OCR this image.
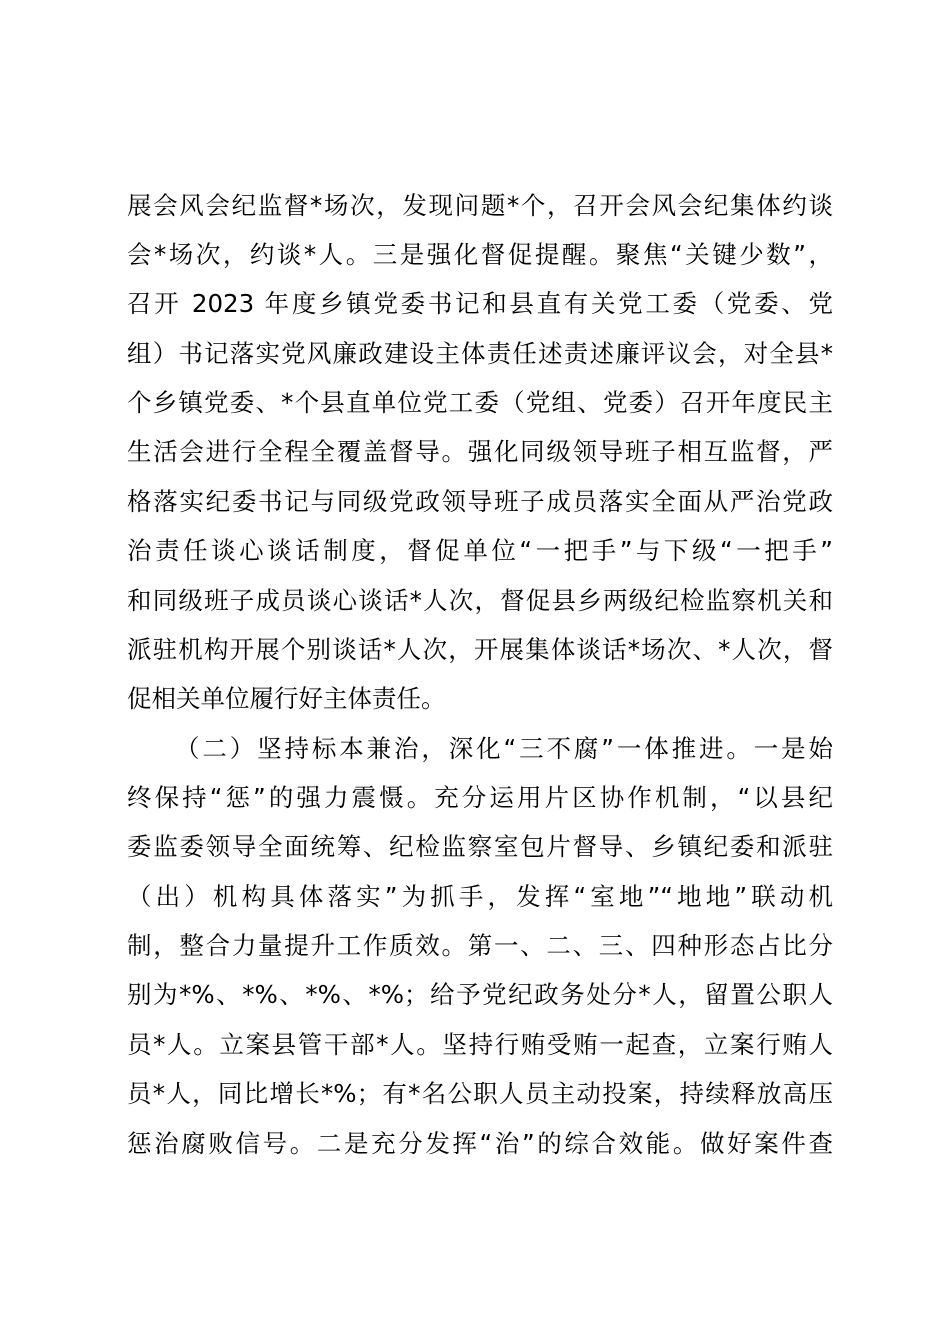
展会风会纪监督*场次，发现问题*个，召开会风会纪集体约谈
会*场次，约谈*人。三是强化督促提醒。聚焦“关键少数”，
召开 2023 年度乡镇党委书记和县直有关党工委（党委、党
组）书记落实党风廉政建设主体责任述责述廉评议会，对全县*
个乡镇党委、*个县直单位党工委（党组、党委）召开年度民主
生活会进行全程全覆盖督导。强化同级领导班子相互监督，严
格落实纪委书记与同级党政领导班子成员落实全面从严治党政
治责任谈心谈话制度，督促单位“一把手”与下级“一把手”
和同级班子成员谈心谈话*人次，督促县乡两级纪检监察机关和
派驻机构开展个别谈话*人次，开展集体谈话*场次、*人次，督
促相关单位履行好主体责任。
（二）坚持标本兼治，深化“三不腐”一体推进。一是始
终保持“惩”的强力震慑。充分运用片区协作机制，“以县纪
委监委领导全面统筹、纪检监察室包片督导、乡镇纪委和派驻
（出）机构具体落实”为抓手，发挥“室地”“地地”联动机
制，整合力量提升工作质效。第一、二、三、四种形态占比分
别为*%、*%、*%、*%；给予党纪政务处分*人，留置公职人
员*人。立案县管干部*人。坚持行贿受贿一起查，立案行贿人
员*人，同比增长*%；有*名公职人员主动投案，持续释放高压
惩治腐败信号。二是充分发挥“治”的综合效能。做好案件查
